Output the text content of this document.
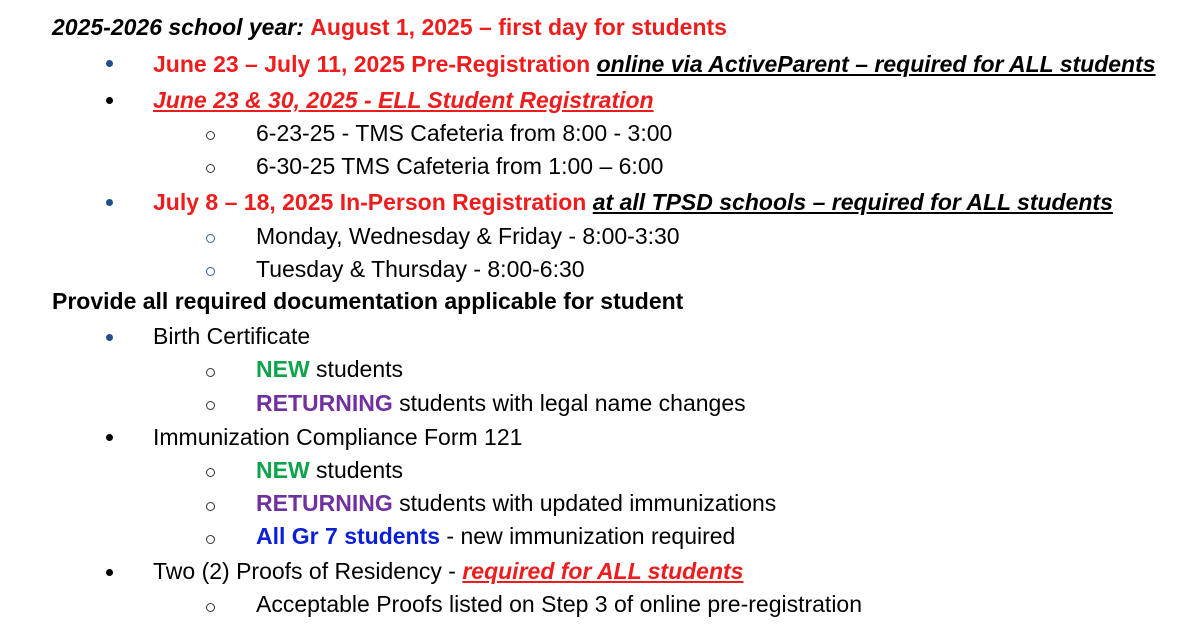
2025-2026 school year: August 1, 2025 – first day for students
June 23 – July 11, 2025 Pre-Registration online via ActiveParent – required for ALL students
June 23 & 30, 2025 - ELL Student Registration
6-23-25 - TMS Cafeteria from 8:00 - 3:00
6-30-25 TMS Cafeteria from 1:00 – 6:00
July 8 – 18, 2025 In-Person Registration at all TPSD schools – required for ALL students
Monday, Wednesday & Friday - 8:00-3:30
Tuesday & Thursday - 8:00-6:30
Provide all required documentation applicable for student
Birth Certificate
NEW students
RETURNING students with legal name changes
Immunization Compliance Form 121
NEW students
RETURNING students with updated immunizations
All Gr 7 students - new immunization required
Two (2) Proofs of Residency - required for ALL students
Acceptable Proofs listed on Step 3 of online pre-registration
